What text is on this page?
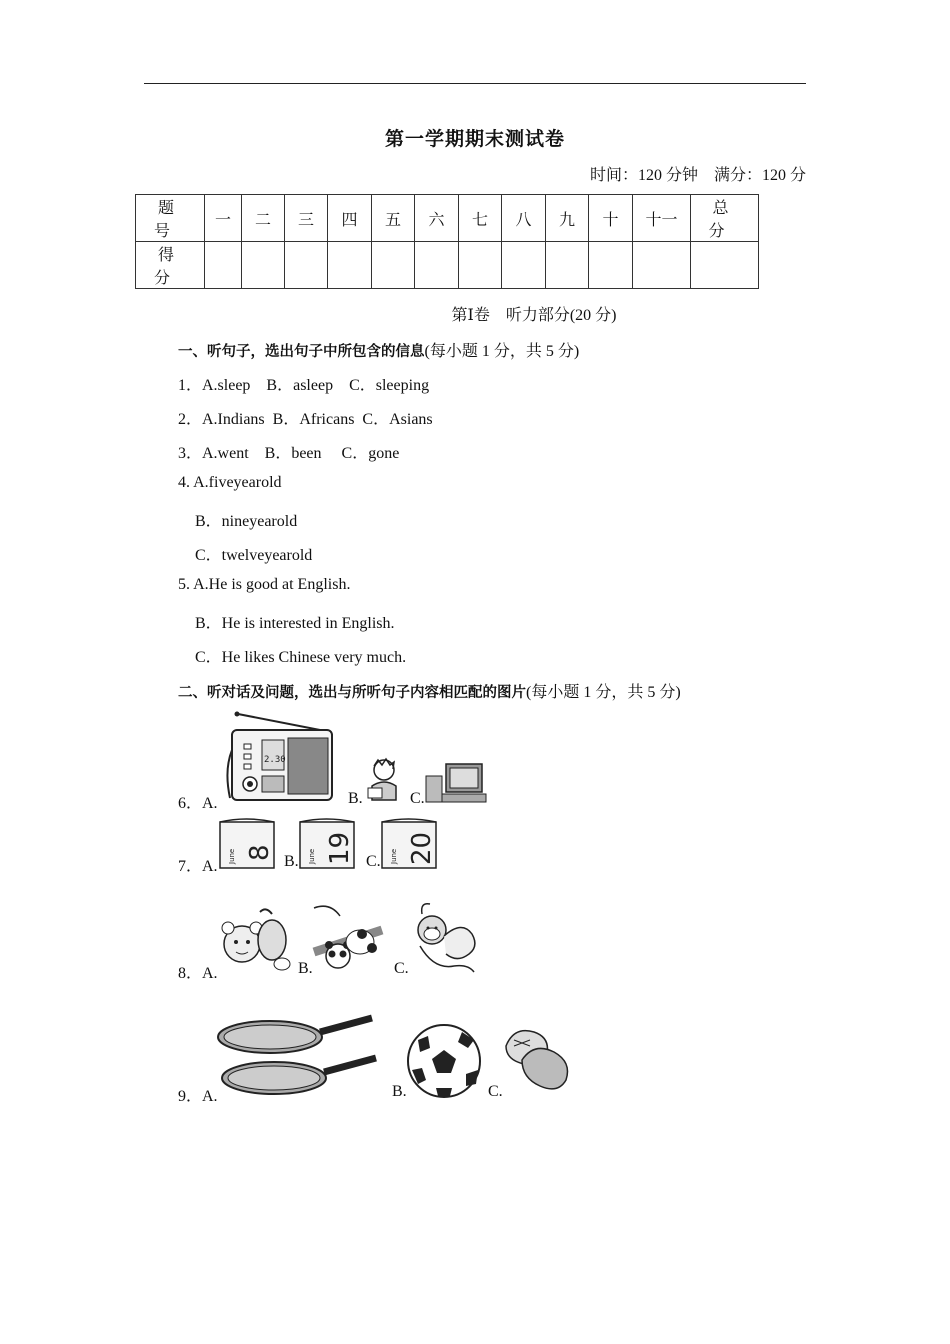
第一学期期末测试卷
时间：120 分钟 满分：120 分
题 号	一	二	三	四	五	六	七	八	九	十	十一	总 分
得 分												
第Ⅰ卷　听力部分(20 分)
一、听句子，选出句子中所包含的信息(每小题 1 分，共 5 分)
1．A.sleep　B．asleep　C．sleeping
2．A.Indians  B．Africans  C．Asians
3．A.went　B．been　 C．gone
4. A.fiveyearold
B．nineyearold
C．twelveyearold
5. A.He is good at English.
B．He is interested in English.
C．He likes Chinese very much.
二、听对话及问题，选出与所听句子内容相匹配的图片(每小题 1 分，共 5 分)
6．A.
2.30
B.	C.
7．A.
June 8
B. June 19 C. June 20
8．A.	B.	C.
9．A.	B.	C.
